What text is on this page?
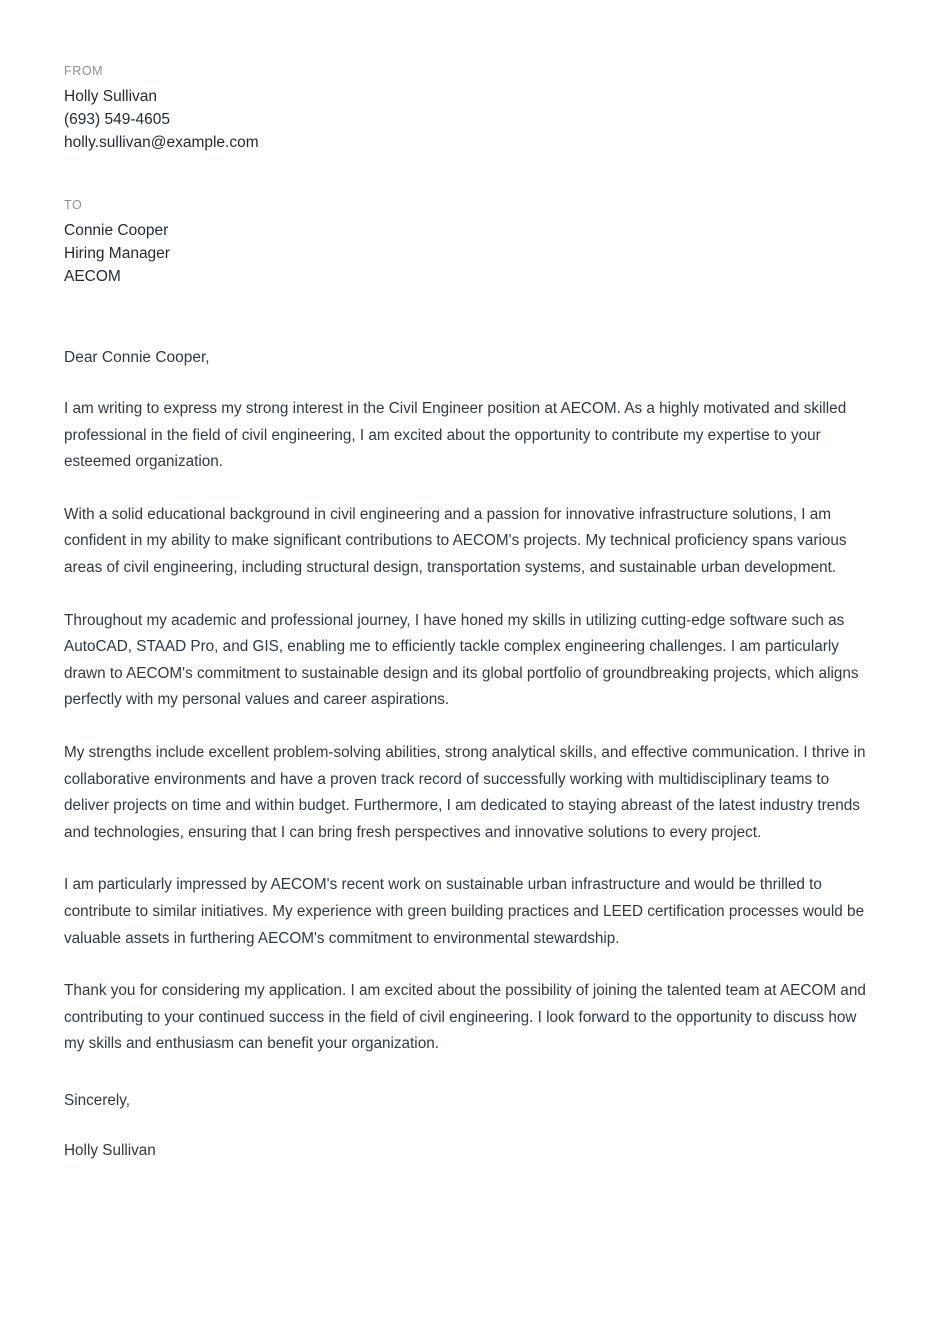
FROM

Holly Sullivan

(693) 549-4605

holly.sullivan@example.com

TO

Connie Cooper

Hiring Manager

AECOM

Dear Connie Cooper,

I am writing to express my strong interest in the Civil Engineer position at AECOM. As a highly motivated and skilled professional in the field of civil engineering, I am excited about the opportunity to contribute my expertise to your esteemed organization.

With a solid educational background in civil engineering and a passion for innovative infrastructure solutions, I am confident in my ability to make significant contributions to AECOM's projects. My technical proficiency spans various areas of civil engineering, including structural design, transportation systems, and sustainable urban development.

Throughout my academic and professional journey, I have honed my skills in utilizing cutting-edge software such as AutoCAD, STAAD Pro, and GIS, enabling me to efficiently tackle complex engineering challenges. I am particularly drawn to AECOM's commitment to sustainable design and its global portfolio of groundbreaking projects, which aligns perfectly with my personal values and career aspirations.

My strengths include excellent problem-solving abilities, strong analytical skills, and effective communication. I thrive in collaborative environments and have a proven track record of successfully working with multidisciplinary teams to deliver projects on time and within budget. Furthermore, I am dedicated to staying abreast of the latest industry trends and technologies, ensuring that I can bring fresh perspectives and innovative solutions to every project.

I am particularly impressed by AECOM's recent work on sustainable urban infrastructure and would be thrilled to contribute to similar initiatives. My experience with green building practices and LEED certification processes would be valuable assets in furthering AECOM's commitment to environmental stewardship.

Thank you for considering my application. I am excited about the possibility of joining the talented team at AECOM and contributing to your continued success in the field of civil engineering. I look forward to the opportunity to discuss how my skills and enthusiasm can benefit your organization.

Sincerely,

Holly Sullivan
